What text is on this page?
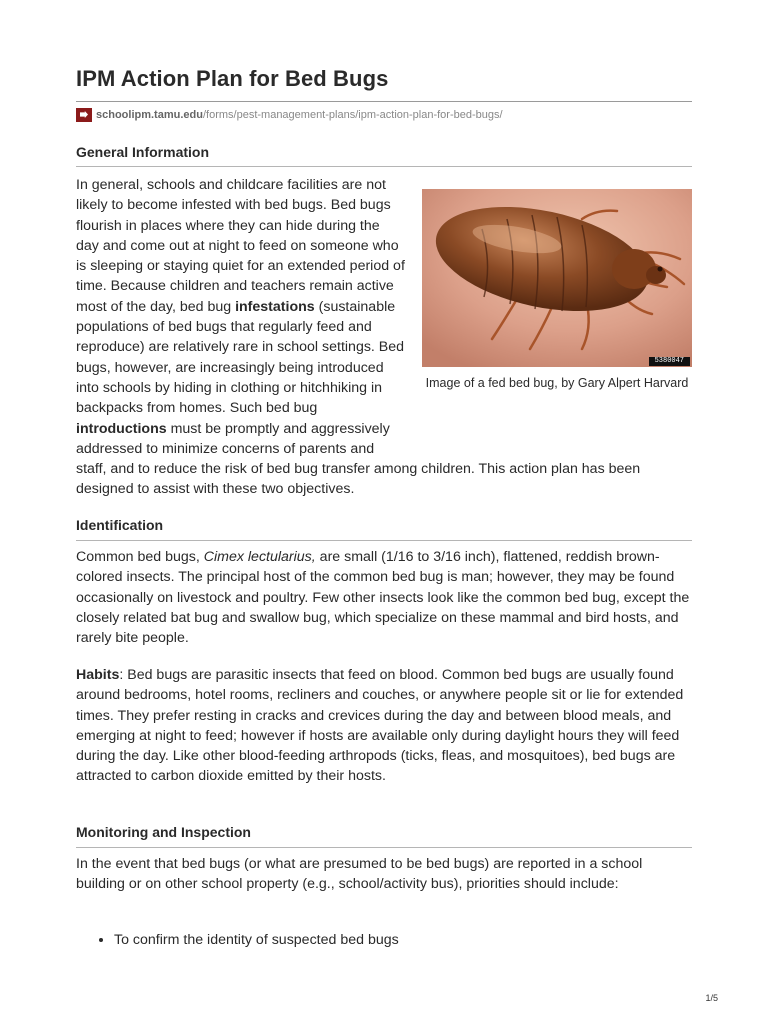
IPM Action Plan for Bed Bugs
schoolipm.tamu.edu /forms/pest-management-plans/ipm-action-plan-for-bed-bugs/
General Information
5380047
Image of a fed bed bug, by Gary Alpert Harvard

In general, schools and childcare facilities are not likely to become infested with bed bugs. Bed bugs flourish in places where they can hide during the day and come out at night to feed on someone who is sleeping or staying quiet for an extended period of time. Because children and teachers remain active most of the day, bed bug infestations (sustainable populations of bed bugs that regularly feed and reproduce) are relatively rare in school settings. Bed bugs, however, are increasingly being introduced into schools by hiding in clothing or hitchhiking in backpacks from homes. Such bed bug introductions must be promptly and aggressively addressed to minimize concerns of parents and staff, and to reduce the risk of bed bug transfer among children. This action plan has been designed to assist with these two objectives.

Identification

Common bed bugs, Cimex lectularius, are small (1/16 to 3/16 inch), flattened, reddish brown-colored insects. The principal host of the common bed bug is man; however, they may be found occasionally on livestock and poultry. Few other insects look like the common bed bug, except the closely related bat bug and swallow bug, which specialize on these mammal and bird hosts, and rarely bite people.

Habits: Bed bugs are parasitic insects that feed on blood. Common bed bugs are usually found around bedrooms, hotel rooms, recliners and couches, or anywhere people sit or lie for extended times. They prefer resting in cracks and crevices during the day and between blood meals, and emerging at night to feed; however if hosts are available only during daylight hours they will feed during the day. Like other blood-feeding arthropods (ticks, fleas, and mosquitoes), bed bugs are attracted to carbon dioxide emitted by their hosts.

Monitoring and Inspection

In the event that bed bugs (or what are presumed to be bed bugs) are reported in a school building or on other school property (e.g., school/activity bus), priorities should include:

• To confirm the identity of suspected bed bugs
1/5
